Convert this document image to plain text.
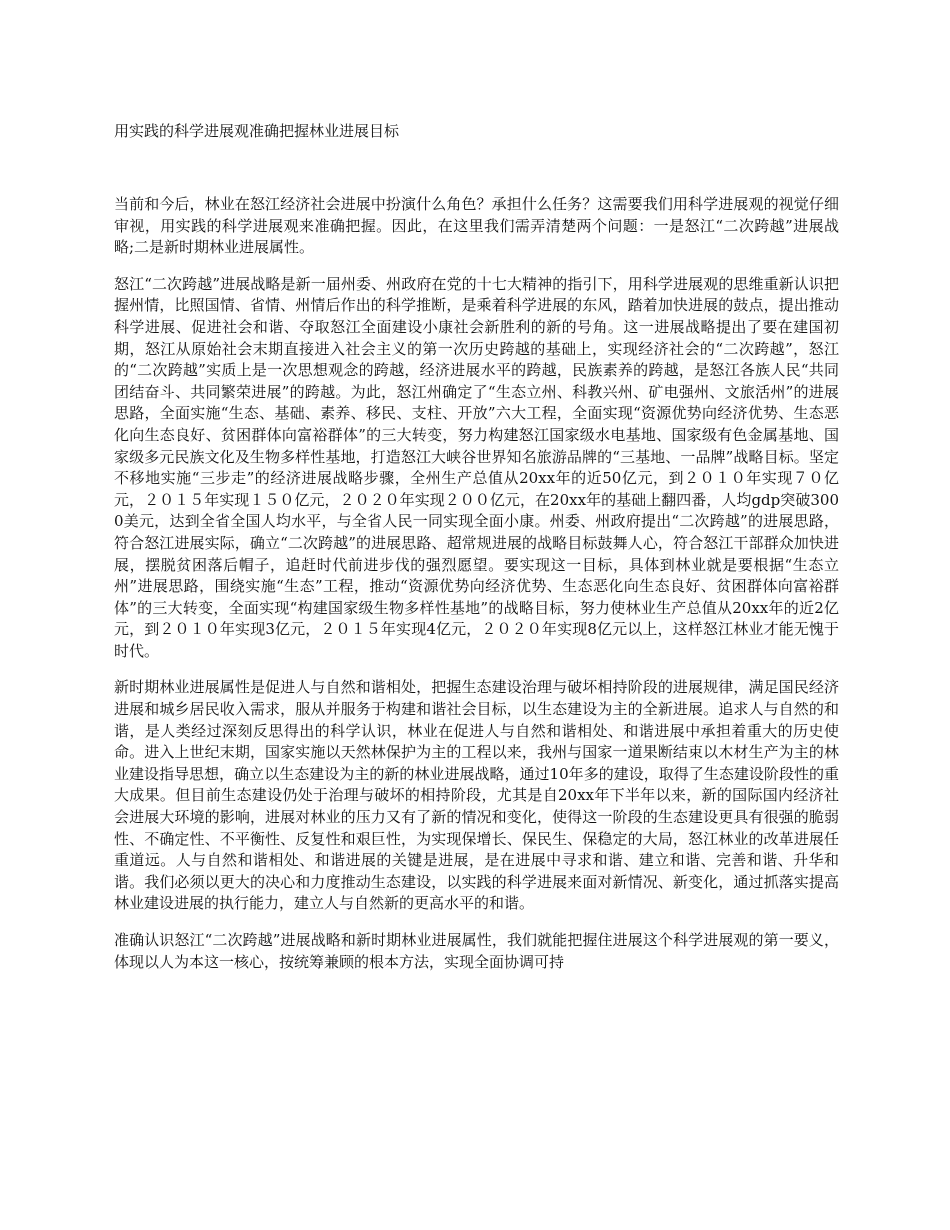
用实践的科学进展观准确把握林业进展目标

当前和今后，林业在怒江经济社会进展中扮演什么角色？承担什么任务？这需要我们用科学进展观的视觉仔细审视，用实践的科学进展观来准确把握。因此，在这里我们需弄清楚两个问题：一是怒江“二次跨越”进展战略;二是新时期林业进展属性。

怒江“二次跨越”进展战略是新一届州委、州政府在党的十七大精神的指引下，用科学进展观的思维重新认识把握州情，比照国情、省情、州情后作出的科学推断，是乘着科学进展的东风，踏着加快进展的鼓点，提出推动科学进展、促进社会和谐、夺取怒江全面建设小康社会新胜利的新的号角。这一进展战略提出了要在建国初期，怒江从原始社会末期直接进入社会主义的第一次历史跨越的基础上，实现经济社会的“二次跨越”，怒江的“二次跨越”实质上是一次思想观念的跨越，经济进展水平的跨越，民族素养的跨越，是怒江各族人民“共同团结奋斗、共同繁荣进展”的跨越。为此，怒江州确定了“生态立州、科教兴州、矿电强州、文旅活州”的进展思路，全面实施“生态、基础、素养、移民、支柱、开放”六大工程，全面实现“资源优势向经济优势、生态恶化向生态良好、贫困群体向富裕群体”的三大转变，努力构建怒江国家级水电基地、国家级有色金属基地、国家级多元民族文化及生物多样性基地，打造怒江大峡谷世界知名旅游品牌的“三基地、一品牌”战略目标。坚定不移地实施“三步走”的经济进展战略步骤，全州生产总值从20xx年的近50亿元，到２０１０年实现７０亿元，２０１５年实现１５０亿元，２０２０年实现２００亿元，在20xx年的基础上翻四番，人均gdp突破3000美元，达到全省全国人均水平，与全省人民一同实现全面小康。州委、州政府提出“二次跨越”的进展思路，符合怒江进展实际，确立“二次跨越”的进展思路、超常规进展的战略目标鼓舞人心，符合怒江干部群众加快进展，摆脱贫困落后帽子，追赶时代前进步伐的强烈愿望。要实现这一目标，具体到林业就是要根据“生态立州”进展思路，围绕实施“生态”工程，推动“资源优势向经济优势、生态恶化向生态良好、贫困群体向富裕群体”的三大转变，全面实现“构建国家级生物多样性基地”的战略目标，努力使林业生产总值从20xx年的近2亿元，到２０１０年实现3亿元，２０１５年实现4亿元，２０２０年实现8亿元以上，这样怒江林业才能无愧于时代。

新时期林业进展属性是促进人与自然和谐相处，把握生态建设治理与破坏相持阶段的进展规律，满足国民经济进展和城乡居民收入需求，服从并服务于构建和谐社会目标，以生态建设为主的全新进展。追求人与自然的和谐，是人类经过深刻反思得出的科学认识，林业在促进人与自然和谐相处、和谐进展中承担着重大的历史使命。进入上世纪末期，国家实施以天然林保护为主的工程以来，我州与国家一道果断结束以木材生产为主的林业建设指导思想，确立以生态建设为主的新的林业进展战略，通过10年多的建设，取得了生态建设阶段性的重大成果。但目前生态建设仍处于治理与破坏的相持阶段，尤其是自20xx年下半年以来，新的国际国内经济社会进展大环境的影响，进展对林业的压力又有了新的情况和变化，使得这一阶段的生态建设更具有很强的脆弱性、不确定性、不平衡性、反复性和艰巨性，为实现保增长、保民生、保稳定的大局，怒江林业的改革进展任重道远。人与自然和谐相处、和谐进展的关键是进展，是在进展中寻求和谐、建立和谐、完善和谐、升华和谐。我们必须以更大的决心和力度推动生态建设，以实践的科学进展来面对新情况、新变化，通过抓落实提高林业建设进展的执行能力，建立人与自然新的更高水平的和谐。

准确认识怒江“二次跨越”进展战略和新时期林业进展属性，我们就能把握住进展这个科学进展观的第一要义，体现以人为本这一核心，按统筹兼顾的根本方法，实现全面协调可持
